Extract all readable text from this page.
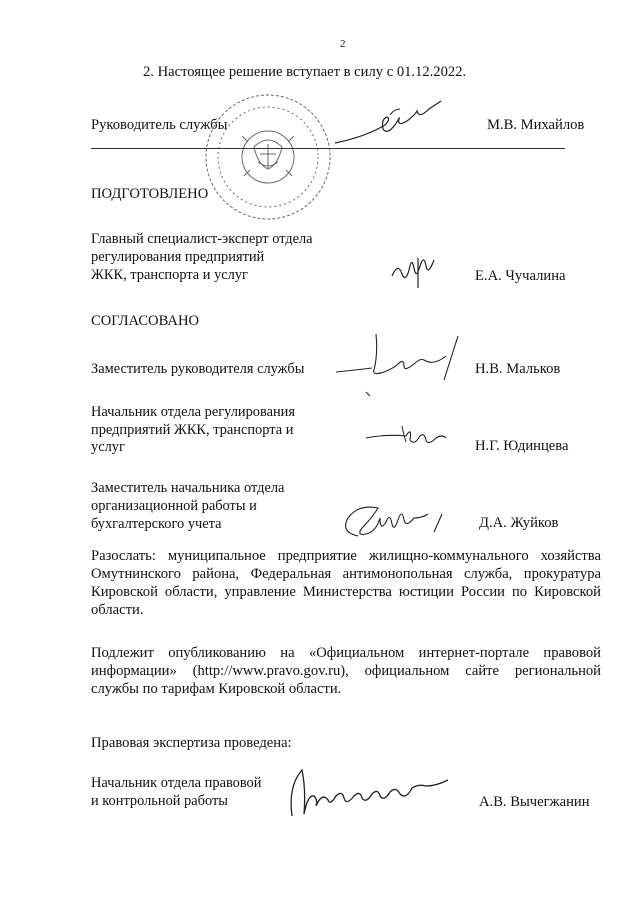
2
2. Настоящее решение вступает в силу с 01.12.2022.
Руководитель службы	М.В. Михайлов
ПОДГОТОВЛЕНО
Главный специалист-эксперт отдела
регулирования предприятий
ЖКК, транспорта и услуг	Е.А. Чучалина
СОГЛАСОВАНО
Заместитель руководителя службы	Н.В. Мальков
Начальник отдела регулирования
предприятий ЖКК, транспорта и
услуг	Н.Г. Юдинцева
Заместитель начальника отдела
организационной работы и
бухгалтерского учета	Д.А. Жуйков
Разослать: муниципальное предприятие жилищно-коммунального хозяйства Омутнинского района, Федеральная антимонопольная служба, прокуратура Кировской области, управление Министерства юстиции России по Кировской области.
Подлежит опубликованию на «Официальном интернет-портале правовой информации» (http://www.pravo.gov.ru), официальном сайте региональной службы по тарифам Кировской области.
Правовая экспертиза проведена:
Начальник отдела правовой
и контрольной работы	А.В. Вычегжанин
